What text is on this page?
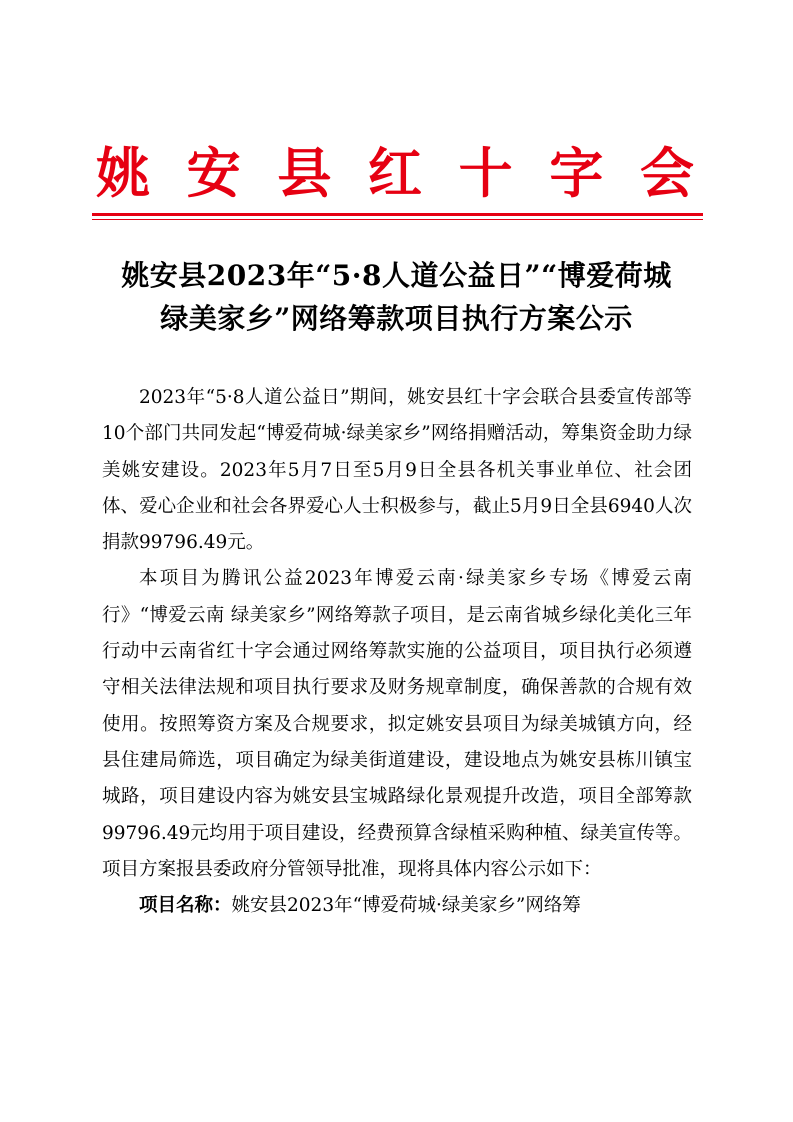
姚安县红十字会
姚安县2023年“5·8人道公益日”“博爱荷城
绿美家乡”网络筹款项目执行方案公示

2023年“5·8人道公益日”期间，姚安县红十字会联合县委宣传部等10个部门共同发起“博爱荷城·绿美家乡”网络捐赠活动，筹集资金助力绿美姚安建设。2023年5月7日至5月9日全县各机关事业单位、社会团体、爱心企业和社会各界爱心人士积极参与，截止5月9日全县6940人次捐款99796.49元。

本项目为腾讯公益2023年博爱云南·绿美家乡专场《博爱云南行》“博爱云南 绿美家乡”网络筹款子项目，是云南省城乡绿化美化三年行动中云南省红十字会通过网络筹款实施的公益项目，项目执行必须遵守相关法律法规和项目执行要求及财务规章制度，确保善款的合规有效使用。按照筹资方案及合规要求，拟定姚安县项目为绿美城镇方向，经县住建局筛选，项目确定为绿美街道建设，建设地点为姚安县栋川镇宝城路，项目建设内容为姚安县宝城路绿化景观提升改造，项目全部筹款99796.49元均用于项目建设，经费预算含绿植采购种植、绿美宣传等。项目方案报县委政府分管领导批准，现将具体内容公示如下：

项目名称：姚安县2023年“博爱荷城·绿美家乡”网络筹
